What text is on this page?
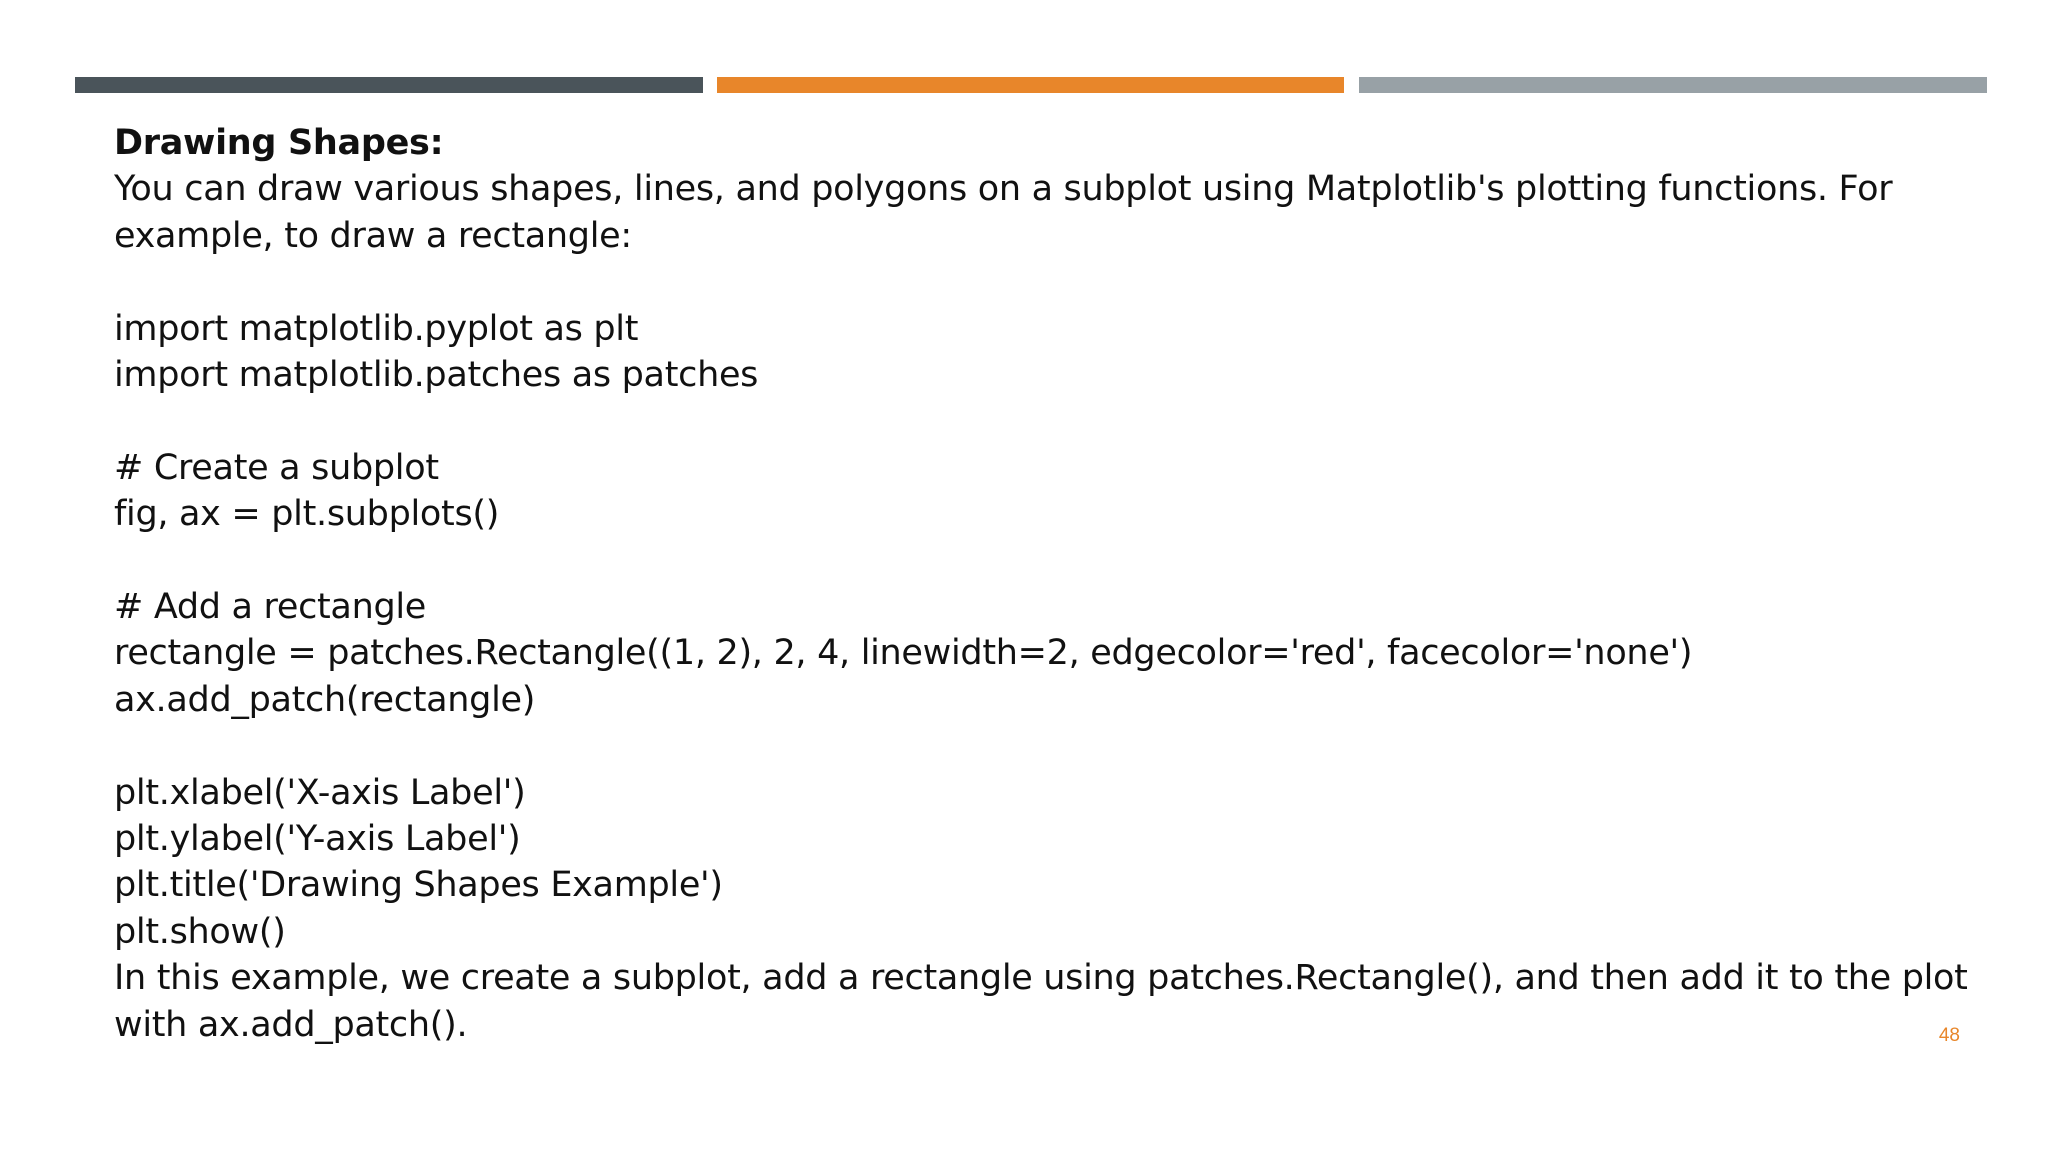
Drawing Shapes:
You can draw various shapes, lines, and polygons on a subplot using Matplotlib's plotting functions. For
example, to draw a rectangle:
import matplotlib.pyplot as plt
import matplotlib.patches as patches
# Create a subplot
fig, ax = plt.subplots()
# Add a rectangle
rectangle = patches.Rectangle((1, 2), 2, 4, linewidth=2, edgecolor='red', facecolor='none')
ax.add_patch(rectangle)
plt.xlabel('X-axis Label')
plt.ylabel('Y-axis Label')
plt.title('Drawing Shapes Example')
plt.show()
In this example, we create a subplot, add a rectangle using patches.Rectangle(), and then add it to the plot
with ax.add_patch().	48
